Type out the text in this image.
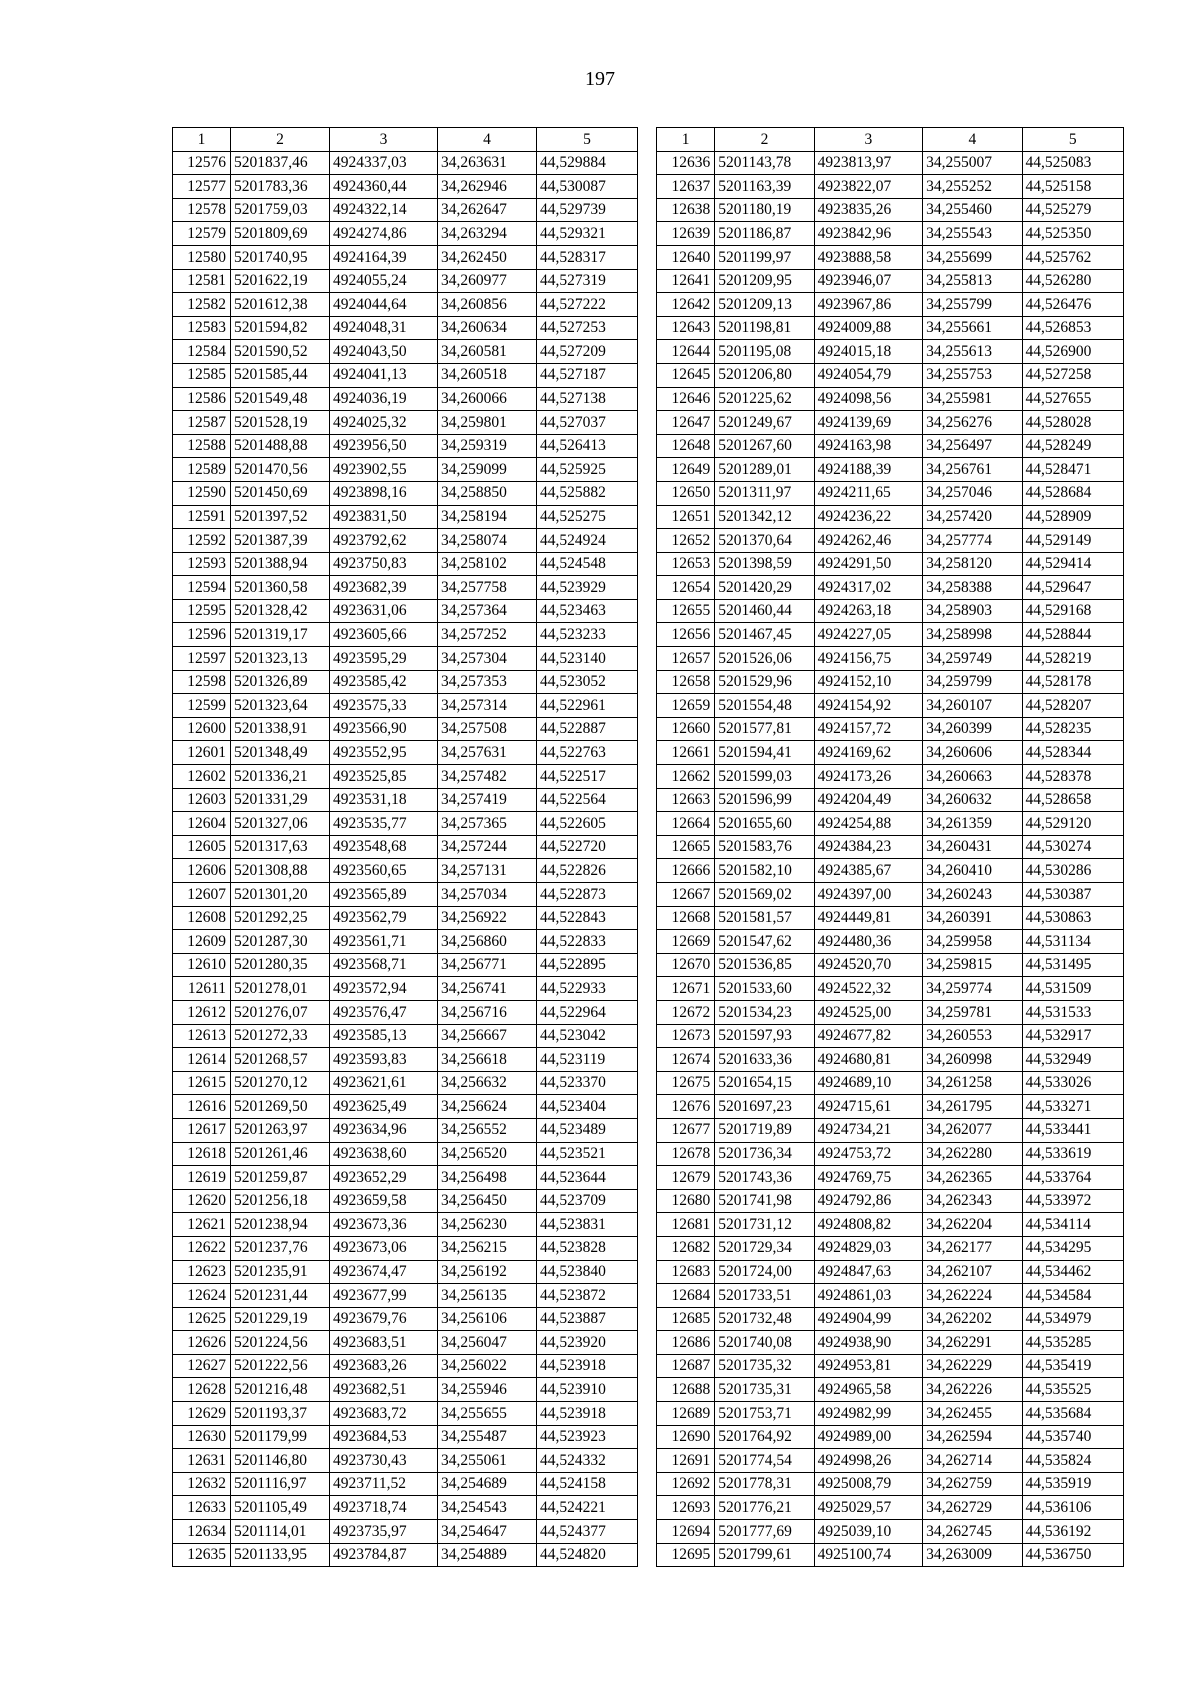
197
1	2	3	4	5
12576	5201837,46	4924337,03	34,263631	44,529884
12577	5201783,36	4924360,44	34,262946	44,530087
12578	5201759,03	4924322,14	34,262647	44,529739
12579	5201809,69	4924274,86	34,263294	44,529321
12580	5201740,95	4924164,39	34,262450	44,528317
12581	5201622,19	4924055,24	34,260977	44,527319
12582	5201612,38	4924044,64	34,260856	44,527222
12583	5201594,82	4924048,31	34,260634	44,527253
12584	5201590,52	4924043,50	34,260581	44,527209
12585	5201585,44	4924041,13	34,260518	44,527187
12586	5201549,48	4924036,19	34,260066	44,527138
12587	5201528,19	4924025,32	34,259801	44,527037
12588	5201488,88	4923956,50	34,259319	44,526413
12589	5201470,56	4923902,55	34,259099	44,525925
12590	5201450,69	4923898,16	34,258850	44,525882
12591	5201397,52	4923831,50	34,258194	44,525275
12592	5201387,39	4923792,62	34,258074	44,524924
12593	5201388,94	4923750,83	34,258102	44,524548
12594	5201360,58	4923682,39	34,257758	44,523929
12595	5201328,42	4923631,06	34,257364	44,523463
12596	5201319,17	4923605,66	34,257252	44,523233
12597	5201323,13	4923595,29	34,257304	44,523140
12598	5201326,89	4923585,42	34,257353	44,523052
12599	5201323,64	4923575,33	34,257314	44,522961
12600	5201338,91	4923566,90	34,257508	44,522887
12601	5201348,49	4923552,95	34,257631	44,522763
12602	5201336,21	4923525,85	34,257482	44,522517
12603	5201331,29	4923531,18	34,257419	44,522564
12604	5201327,06	4923535,77	34,257365	44,522605
12605	5201317,63	4923548,68	34,257244	44,522720
12606	5201308,88	4923560,65	34,257131	44,522826
12607	5201301,20	4923565,89	34,257034	44,522873
12608	5201292,25	4923562,79	34,256922	44,522843
12609	5201287,30	4923561,71	34,256860	44,522833
12610	5201280,35	4923568,71	34,256771	44,522895
12611	5201278,01	4923572,94	34,256741	44,522933
12612	5201276,07	4923576,47	34,256716	44,522964
12613	5201272,33	4923585,13	34,256667	44,523042
12614	5201268,57	4923593,83	34,256618	44,523119
12615	5201270,12	4923621,61	34,256632	44,523370
12616	5201269,50	4923625,49	34,256624	44,523404
12617	5201263,97	4923634,96	34,256552	44,523489
12618	5201261,46	4923638,60	34,256520	44,523521
12619	5201259,87	4923652,29	34,256498	44,523644
12620	5201256,18	4923659,58	34,256450	44,523709
12621	5201238,94	4923673,36	34,256230	44,523831
12622	5201237,76	4923673,06	34,256215	44,523828
12623	5201235,91	4923674,47	34,256192	44,523840
12624	5201231,44	4923677,99	34,256135	44,523872
12625	5201229,19	4923679,76	34,256106	44,523887
12626	5201224,56	4923683,51	34,256047	44,523920
12627	5201222,56	4923683,26	34,256022	44,523918
12628	5201216,48	4923682,51	34,255946	44,523910
12629	5201193,37	4923683,72	34,255655	44,523918
12630	5201179,99	4923684,53	34,255487	44,523923
12631	5201146,80	4923730,43	34,255061	44,524332
12632	5201116,97	4923711,52	34,254689	44,524158
12633	5201105,49	4923718,74	34,254543	44,524221
12634	5201114,01	4923735,97	34,254647	44,524377
12635	5201133,95	4923784,87	34,254889	44,524820
1	2	3	4	5
12636	5201143,78	4923813,97	34,255007	44,525083
12637	5201163,39	4923822,07	34,255252	44,525158
12638	5201180,19	4923835,26	34,255460	44,525279
12639	5201186,87	4923842,96	34,255543	44,525350
12640	5201199,97	4923888,58	34,255699	44,525762
12641	5201209,95	4923946,07	34,255813	44,526280
12642	5201209,13	4923967,86	34,255799	44,526476
12643	5201198,81	4924009,88	34,255661	44,526853
12644	5201195,08	4924015,18	34,255613	44,526900
12645	5201206,80	4924054,79	34,255753	44,527258
12646	5201225,62	4924098,56	34,255981	44,527655
12647	5201249,67	4924139,69	34,256276	44,528028
12648	5201267,60	4924163,98	34,256497	44,528249
12649	5201289,01	4924188,39	34,256761	44,528471
12650	5201311,97	4924211,65	34,257046	44,528684
12651	5201342,12	4924236,22	34,257420	44,528909
12652	5201370,64	4924262,46	34,257774	44,529149
12653	5201398,59	4924291,50	34,258120	44,529414
12654	5201420,29	4924317,02	34,258388	44,529647
12655	5201460,44	4924263,18	34,258903	44,529168
12656	5201467,45	4924227,05	34,258998	44,528844
12657	5201526,06	4924156,75	34,259749	44,528219
12658	5201529,96	4924152,10	34,259799	44,528178
12659	5201554,48	4924154,92	34,260107	44,528207
12660	5201577,81	4924157,72	34,260399	44,528235
12661	5201594,41	4924169,62	34,260606	44,528344
12662	5201599,03	4924173,26	34,260663	44,528378
12663	5201596,99	4924204,49	34,260632	44,528658
12664	5201655,60	4924254,88	34,261359	44,529120
12665	5201583,76	4924384,23	34,260431	44,530274
12666	5201582,10	4924385,67	34,260410	44,530286
12667	5201569,02	4924397,00	34,260243	44,530387
12668	5201581,57	4924449,81	34,260391	44,530863
12669	5201547,62	4924480,36	34,259958	44,531134
12670	5201536,85	4924520,70	34,259815	44,531495
12671	5201533,60	4924522,32	34,259774	44,531509
12672	5201534,23	4924525,00	34,259781	44,531533
12673	5201597,93	4924677,82	34,260553	44,532917
12674	5201633,36	4924680,81	34,260998	44,532949
12675	5201654,15	4924689,10	34,261258	44,533026
12676	5201697,23	4924715,61	34,261795	44,533271
12677	5201719,89	4924734,21	34,262077	44,533441
12678	5201736,34	4924753,72	34,262280	44,533619
12679	5201743,36	4924769,75	34,262365	44,533764
12680	5201741,98	4924792,86	34,262343	44,533972
12681	5201731,12	4924808,82	34,262204	44,534114
12682	5201729,34	4924829,03	34,262177	44,534295
12683	5201724,00	4924847,63	34,262107	44,534462
12684	5201733,51	4924861,03	34,262224	44,534584
12685	5201732,48	4924904,99	34,262202	44,534979
12686	5201740,08	4924938,90	34,262291	44,535285
12687	5201735,32	4924953,81	34,262229	44,535419
12688	5201735,31	4924965,58	34,262226	44,535525
12689	5201753,71	4924982,99	34,262455	44,535684
12690	5201764,92	4924989,00	34,262594	44,535740
12691	5201774,54	4924998,26	34,262714	44,535824
12692	5201778,31	4925008,79	34,262759	44,535919
12693	5201776,21	4925029,57	34,262729	44,536106
12694	5201777,69	4925039,10	34,262745	44,536192
12695	5201799,61	4925100,74	34,263009	44,536750
